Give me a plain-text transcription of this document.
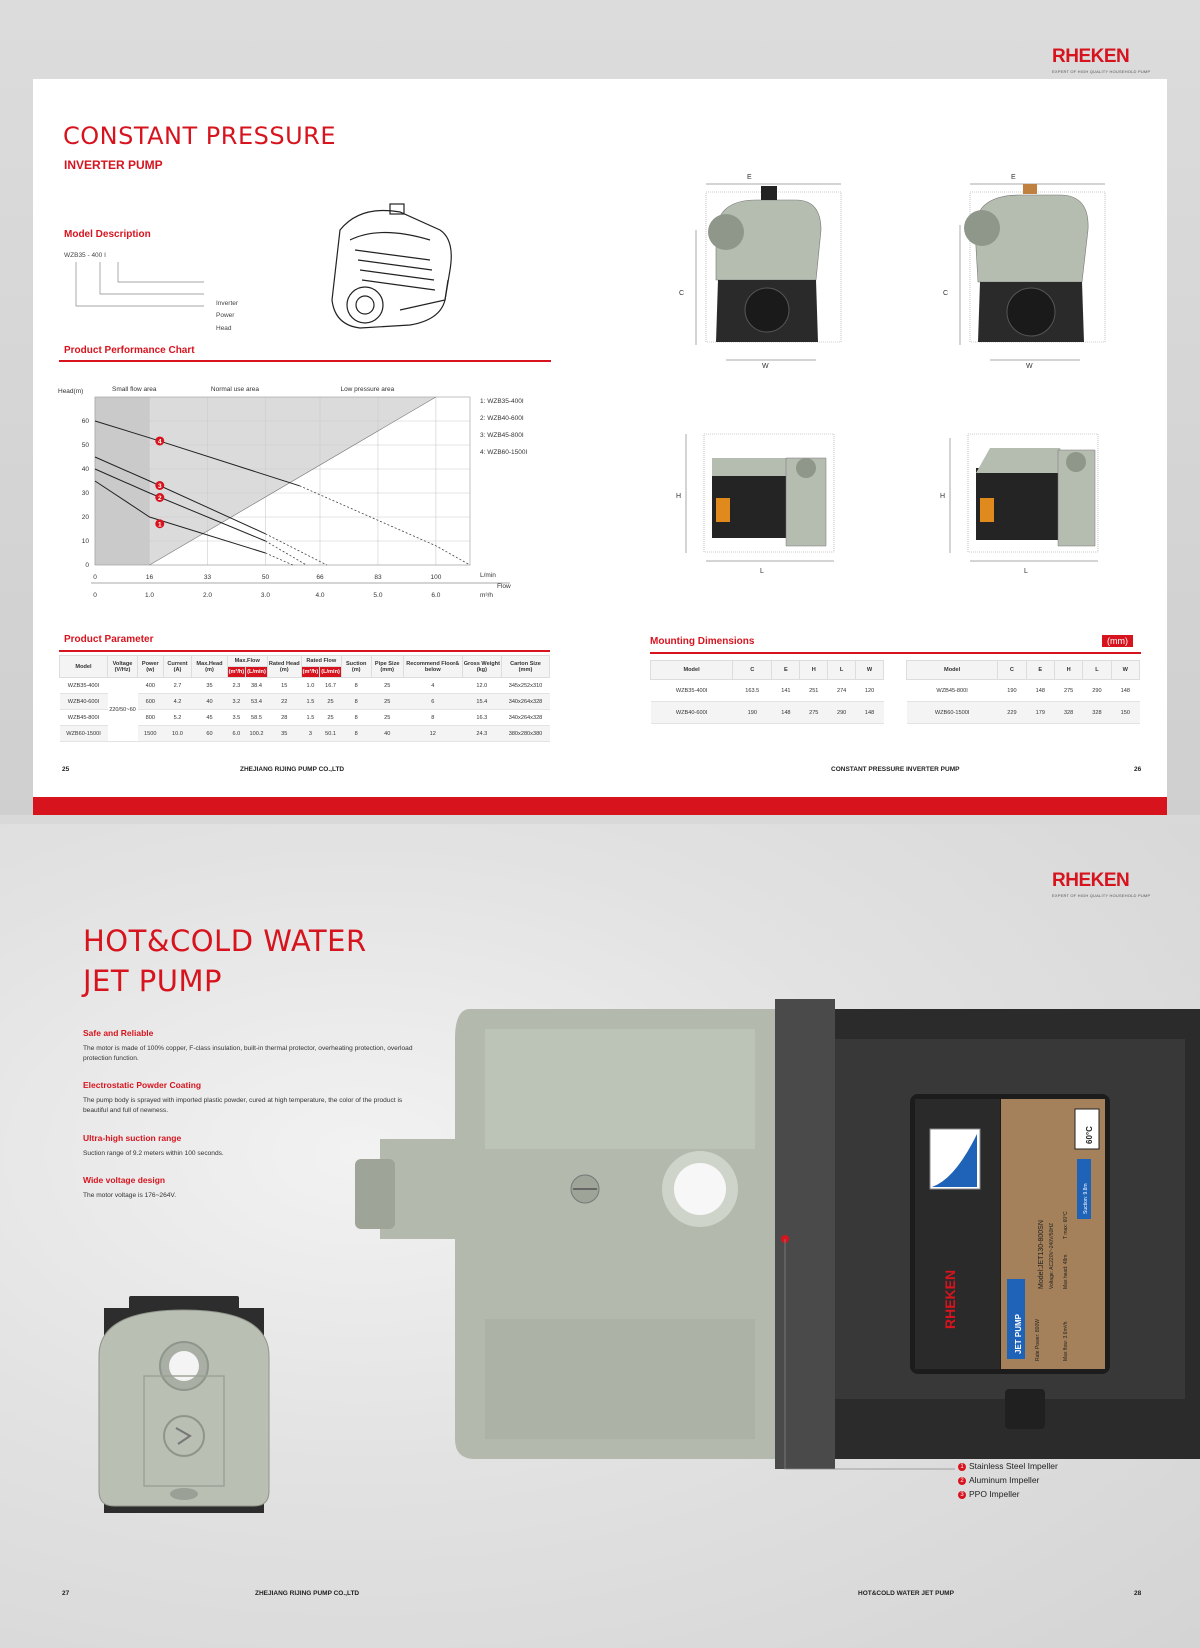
RHEKEN
EXPERT OF HIGH QUALITY HOUSEHOLD PUMP
CONSTANT PRESSURE
INVERTER PUMP
Model Description
WZB35 - 400 I
Inverter
Power
Head
Product Performance Chart
0
10
20
30
40
50
60
Head(m)
0	16	33	50	66	83	100
0	1.0	2.0	3.0	4.0	5.0	6.0
L/min
m³/h
Flow
Small flow area	Normal use area	Low pressure area
1
1: WZB35-400I
2
2: WZB40-600I
3
3: WZB45-800I
4
4: WZB60-1500I
E
C
W
E
C
W
H
L
H
L
Product Parameter
Model	Voltage (V/Hz)	Power (w)	Current (A)	Max.Head (m)	Max.Flow		Rated Head (m)	Rated Flow		Suction (m)	Pipe Size (mm)	Recommend Floor& below	Gross Weight (kg)	Carton Size (mm)
					(m³/h)	(L/min)		(m³/h)	(L/min)					
WZB35-400I	220/50~60	400	2.7	35	2.3	38.4	15	1.0	16.7	8	25	4	12.0	345x252x310
WZB40-600I		600	4.2	40	3.2	53.4	22	1.5	25	8	25	6	15.4	340x264x328
WZB45-800I		800	5.2	45	3.5	58.5	28	1.5	25	8	25	8	16.3	340x264x328
WZB60-1500I		1500	10.0	60	6.0	100.2	35	3	50.1	8	40	12	24.3	380x280x380
Mounting Dimensions	(mm)
Model	C	E	H	L	W
WZB35-400I	163.5	141	251	274	120
WZB40-600I	190	148	275	290	148
Model	C	E	H	L	W
WZB45-800I	190	148	275	290	148
WZB60-1500I	229	179	328	328	150
25	ZHEJIANG RIJING PUMP CO.,LTD	CONSTANT PRESSURE INVERTER PUMP	26
RHEKEN
EXPERT OF HIGH QUALITY HOUSEHOLD PUMP
HOT&COLD WATER
JET PUMP
Safe and Reliable
The motor is made of 100% copper, F-class insulation, built-in thermal protector, overheating protection, overload protection function.
Electrostatic Powder Coating
The pump body is sprayed with imported plastic powder, cured at high temperature, the color of the product is beautiful and full of newness.
Ultra-high suction range
Suction range of 9.2 meters within 100 seconds.
Wide voltage design
The motor voltage is 176~264V.
RHEKEN
JET PUMP
Model:JET130-800SN Voltage: AC220V~240V/50HZ
Rate Power: 800W
Max head: 48m
Max flow: 3.6m³/h
T max: 60°C
Suction: 9.8m
60°C
1 Stainless Steel Impeller
2 Aluminum Impeller
3 PPO Impeller
27	ZHEJIANG RIJING PUMP CO.,LTD	HOT&COLD WATER JET PUMP	28
